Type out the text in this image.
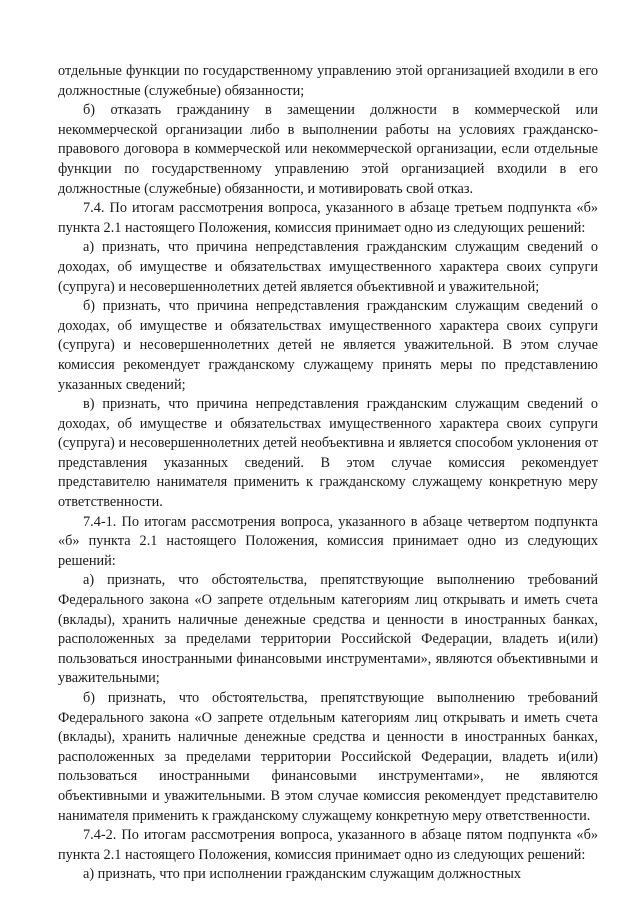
отдельные функции по государственному управлению этой организацией входили в его должностные (служебные) обязанности;

б) отказать гражданину в замещении должности в коммерческой или некоммерческой организации либо в выполнении работы на условиях гражданско-правового договора в коммерческой или некоммерческой организации, если отдельные функции по государственному управлению этой организацией входили в его должностные (служебные) обязанности, и мотивировать свой отказ.

7.4. По итогам рассмотрения вопроса, указанного в абзаце третьем подпункта «б» пункта 2.1 настоящего Положения, комиссия принимает одно из следующих решений:

а) признать, что причина непредставления гражданским служащим сведений о доходах, об имуществе и обязательствах имущественного характера своих супруги (супруга) и несовершеннолетних детей является объективной и уважительной;

б) признать, что причина непредставления гражданским служащим сведений о доходах, об имуществе и обязательствах имущественного характера своих супруги (супруга) и несовершеннолетних детей не является уважительной. В этом случае комиссия рекомендует гражданскому служащему принять меры по представлению указанных сведений;

в) признать, что причина непредставления гражданским служащим сведений о доходах, об имуществе и обязательствах имущественного характера своих супруги (супруга) и несовершеннолетних детей необъективна и является способом уклонения от представления указанных сведений. В этом случае комиссия рекомендует представителю нанимателя применить к гражданскому служащему конкретную меру ответственности.

7.4-1. По итогам рассмотрения вопроса, указанного в абзаце четвертом подпункта «б» пункта 2.1 настоящего Положения, комиссия принимает одно из следующих решений:

а) признать, что обстоятельства, препятствующие выполнению требований Федерального закона «О запрете отдельным категориям лиц открывать и иметь счета (вклады), хранить наличные денежные средства и ценности в иностранных банках, расположенных за пределами территории Российской Федерации, владеть и(или) пользоваться иностранными финансовыми инструментами», являются объективными и уважительными;

б) признать, что обстоятельства, препятствующие выполнению требований Федерального закона «О запрете отдельным категориям лиц открывать и иметь счета (вклады), хранить наличные денежные средства и ценности в иностранных банках, расположенных за пределами территории Российской Федерации, владеть и(или) пользоваться иностранными финансовыми инструментами», не являются объективными и уважительными. В этом случае комиссия рекомендует представителю нанимателя применить к гражданскому служащему конкретную меру ответственности.

7.4-2. По итогам рассмотрения вопроса, указанного в абзаце пятом подпункта «б» пункта 2.1 настоящего Положения, комиссия принимает одно из следующих решений:

а) признать, что при исполнении гражданским служащим должностных
